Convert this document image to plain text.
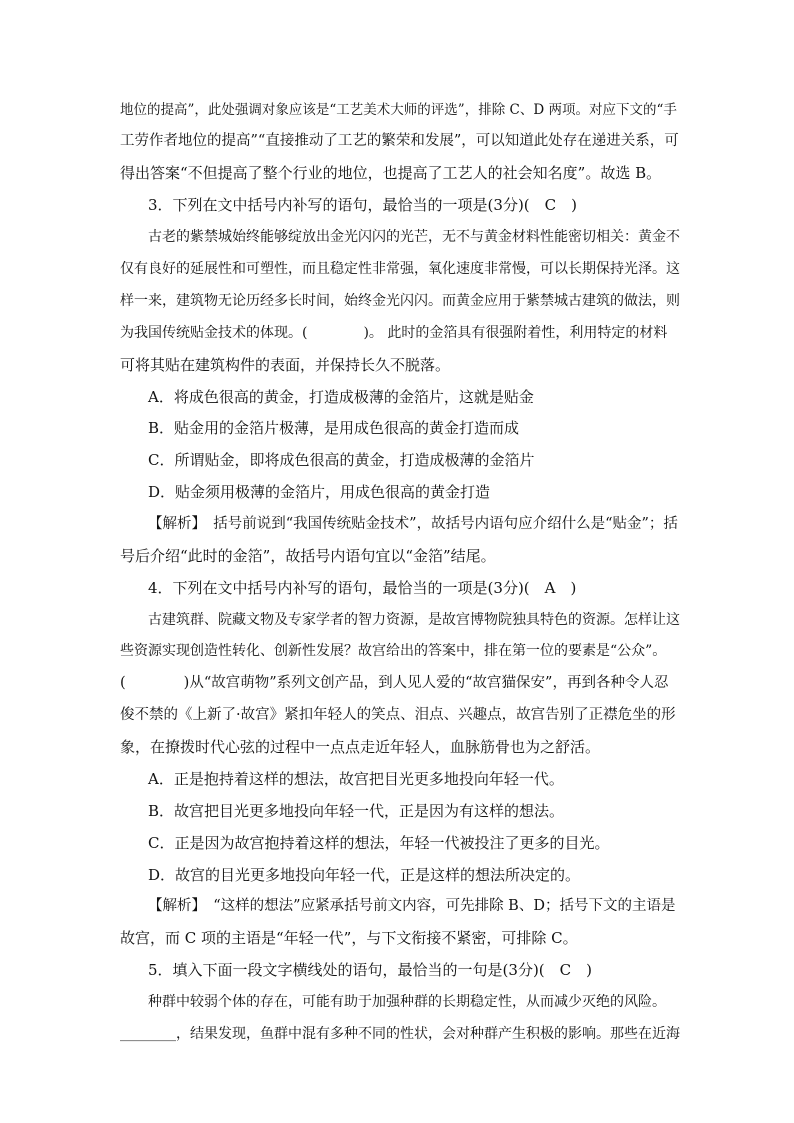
地位的提高”，此处强调对象应该是“工艺美术大师的评选”，排除 C、D 两项。对应下文的“手
工劳作者地位的提高”“直接推动了工艺的繁荣和发展”，可以知道此处存在递进关系，可
得出答案“不但提高了整个行业的地位，也提高了工艺人的社会知名度”。故选 B。
3．下列在文中括号内补写的语句，最恰当的一项是(3分)(　C　)
古老的紫禁城始终能够绽放出金光闪闪的光芒，无不与黄金材料性能密切相关：黄金不
仅有良好的延展性和可塑性，而且稳定性非常强，氧化速度非常慢，可以长期保持光泽。这
样一来，建筑物无论历经多长时间，始终金光闪闪。而黄金应用于紫禁城古建筑的做法，则
为我国传统贴金技术的体现。(　　　　)。 此时的金箔具有很强附着性，利用特定的材料
可将其贴在建筑构件的表面，并保持长久不脱落。
A．将成色很高的黄金，打造成极薄的金箔片，这就是贴金
B．贴金用的金箔片极薄，是用成色很高的黄金打造而成
C．所谓贴金，即将成色很高的黄金，打造成极薄的金箔片
D．贴金须用极薄的金箔片，用成色很高的黄金打造
【解析】　括号前说到“我国传统贴金技术”，故括号内语句应介绍什么是“贴金”；括
号后介绍“此时的金箔”，故括号内语句宜以“金箔”结尾。
4．下列在文中括号内补写的语句，最恰当的一项是(3分)(　A　)
古建筑群、院藏文物及专家学者的智力资源，是故宫博物院独具特色的资源。怎样让这
些资源实现创造性转化、创新性发展？故宫给出的答案中，排在第一位的要素是“公众”。
(　　　　)从“故宫萌物”系列文创产品，到人见人爱的“故宫猫保安”，再到各种令人忍
俊不禁的《上新了·故宫》紧扣年轻人的笑点、泪点、兴趣点，故宫告别了正襟危坐的形
象，在撩拨时代心弦的过程中一点点走近年轻人，血脉筋骨也为之舒活。
A．正是抱持着这样的想法，故宫把目光更多地投向年轻一代。
B．故宫把目光更多地投向年轻一代，正是因为有这样的想法。
C．正是因为故宫抱持着这样的想法，年轻一代被投注了更多的目光。
D．故宫的目光更多地投向年轻一代，正是这样的想法所决定的。
【解析】　“这样的想法”应紧承括号前文内容，可先排除 B、D；括号下文的主语是
故宫，而 C 项的主语是“年轻一代”，与下文衔接不紧密，可排除 C。
5．填入下面一段文字横线处的语句，最恰当的一句是(3分)(　C　)
种群中较弱个体的存在，可能有助于加强种群的长期稳定性，从而减少灭绝的风险。
________，结果发现，鱼群中混有多种不同的性状，会对种群产生积极的影响。那些在近海
